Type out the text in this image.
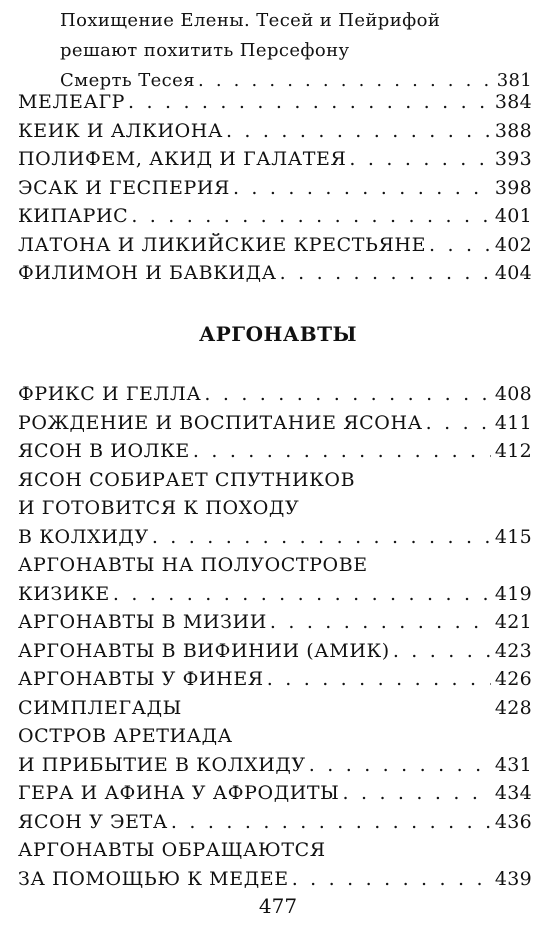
Похищение Елены. Тесей и Пейрифой
решают похитить Персефону
Смерть Тесея . . .	381
МЕЛЕАГР . . .	384
КЕИК И АЛКИОНА . . .	388
ПОЛИФЕМ, АКИД И ГАЛАТЕЯ . . .	393
ЭСАК И ГЕСПЕРИЯ . . .	398
КИПАРИС . . .	401
ЛАТОНА И ЛИКИЙСКИЕ КРЕСТЬЯНЕ . . .	402
ФИЛИМОН И БАВКИДА . . .	404
АРГОНАВТЫ
ФРИКС И ГЕЛЛА . . .	408
РОЖДЕНИЕ И ВОСПИТАНИЕ ЯСОНА . . .	411
ЯСОН В ИОЛКЕ . . .	412
ЯСОН СОБИРАЕТ СПУТНИКОВ
И ГОТОВИТСЯ К ПОХОДУ
В КОЛХИДУ . . .	415
АРГОНАВТЫ НА ПОЛУОСТРОВЕ
КИЗИКЕ . . .	419
АРГОНАВТЫ В МИЗИИ . . .	421
АРГОНАВТЫ В ВИФИНИИ (АМИК) . . .	423
АРГОНАВТЫ У ФИНЕЯ . . .	426
СИМПЛЕГАДЫ	428
ОСТРОВ АРЕТИАДА
И ПРИБЫТИЕ В КОЛХИДУ . . .	431
ГЕРА И АФИНА У АФРОДИТЫ . . .	434
ЯСОН У ЭЕТА . . .	436
АРГОНАВТЫ ОБРАЩАЮТСЯ
ЗА ПОМОЩЬЮ К МЕДЕЕ . . .	439
477
